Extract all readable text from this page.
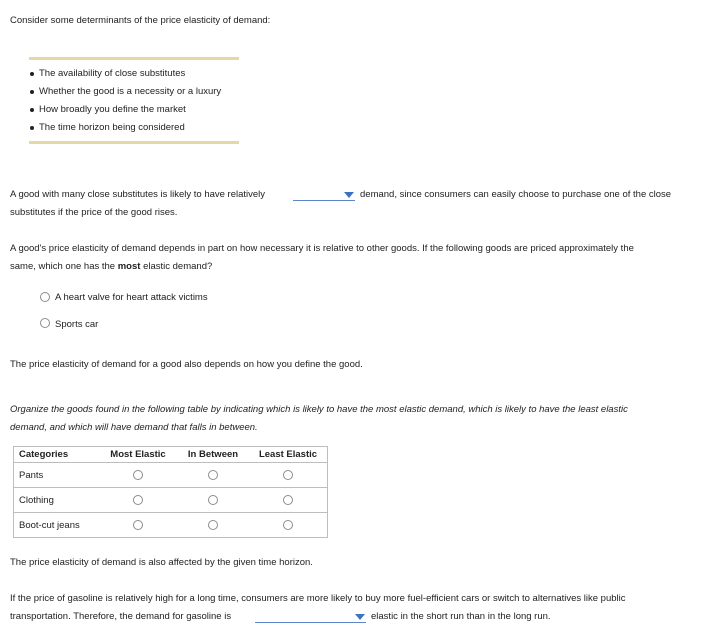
Consider some determinants of the price elasticity of demand:
The availability of close substitutes
Whether the good is a necessity or a luxury
How broadly you define the market
The time horizon being considered
A good with many close substitutes is likely to have relatively	demand, since consumers can easily choose to purchase one of the close
substitutes if the price of the good rises.
A good's price elasticity of demand depends in part on how necessary it is relative to other goods. If the following goods are priced approximately the
same, which one has the most elastic demand?
A heart valve for heart attack victims
Sports car
The price elasticity of demand for a good also depends on how you define the good.
Organize the goods found in the following table by indicating which is likely to have the most elastic demand, which is likely to have the least elastic
demand, and which will have demand that falls in between.
Categories	Most Elastic	In Between	Least Elastic
Pants			
Clothing			
Boot-cut jeans			
The price elasticity of demand is also affected by the given time horizon.
If the price of gasoline is relatively high for a long time, consumers are more likely to buy more fuel-efficient cars or switch to alternatives like public
transportation. Therefore, the demand for gasoline is	elastic in the short run than in the long run.
